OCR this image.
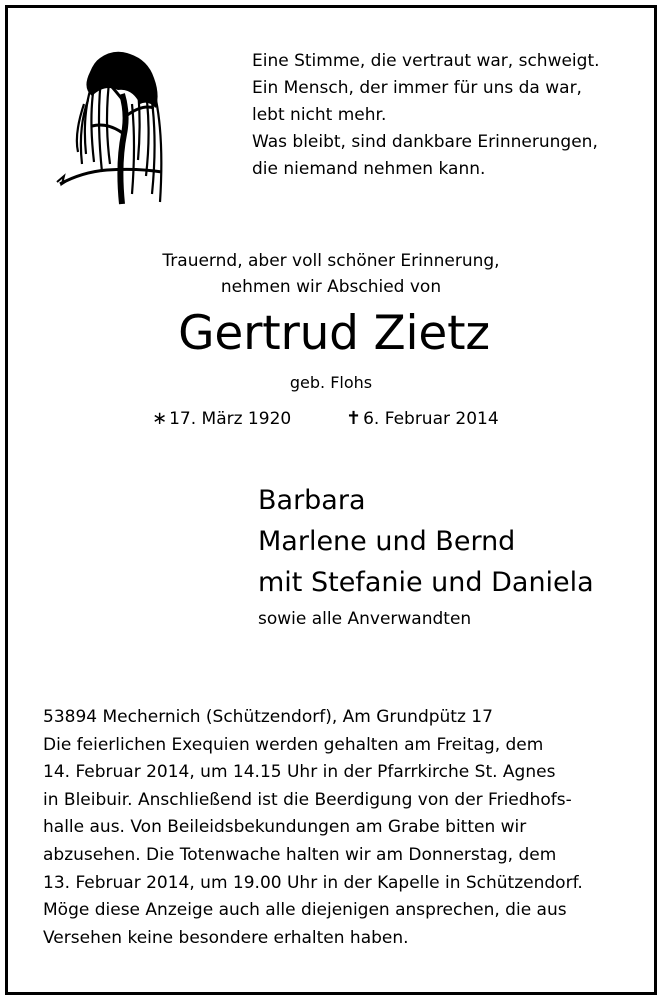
Eine Stimme, die vertraut war, schweigt.
Ein Mensch, der immer für uns da war,
lebt nicht mehr.
Was bleibt, sind dankbare Erinnerungen,
die niemand nehmen kann.
Trauernd, aber voll schöner Erinnerung,
nehmen wir Abschied von
Gertrud Zietz
geb. Flohs
∗ 17. März 1920	✝ 6. Februar 2014
Barbara
Marlene und Bernd
mit Stefanie und Daniela
sowie alle Anverwandten
53894 Mechernich (Schützendorf), Am Grundpütz 17
Die feierlichen Exequien werden gehalten am Freitag, dem
14. Februar 2014, um 14.15 Uhr in der Pfarrkirche St. Agnes
in Bleibuir. Anschließend ist die Beerdigung von der Friedhofs-
halle aus. Von Beileidsbekundungen am Grabe bitten wir
abzusehen. Die Totenwache halten wir am Donnerstag, dem
13. Februar 2014, um 19.00 Uhr in der Kapelle in Schützendorf.
Möge diese Anzeige auch alle diejenigen ansprechen, die aus
Versehen keine besondere erhalten haben.
